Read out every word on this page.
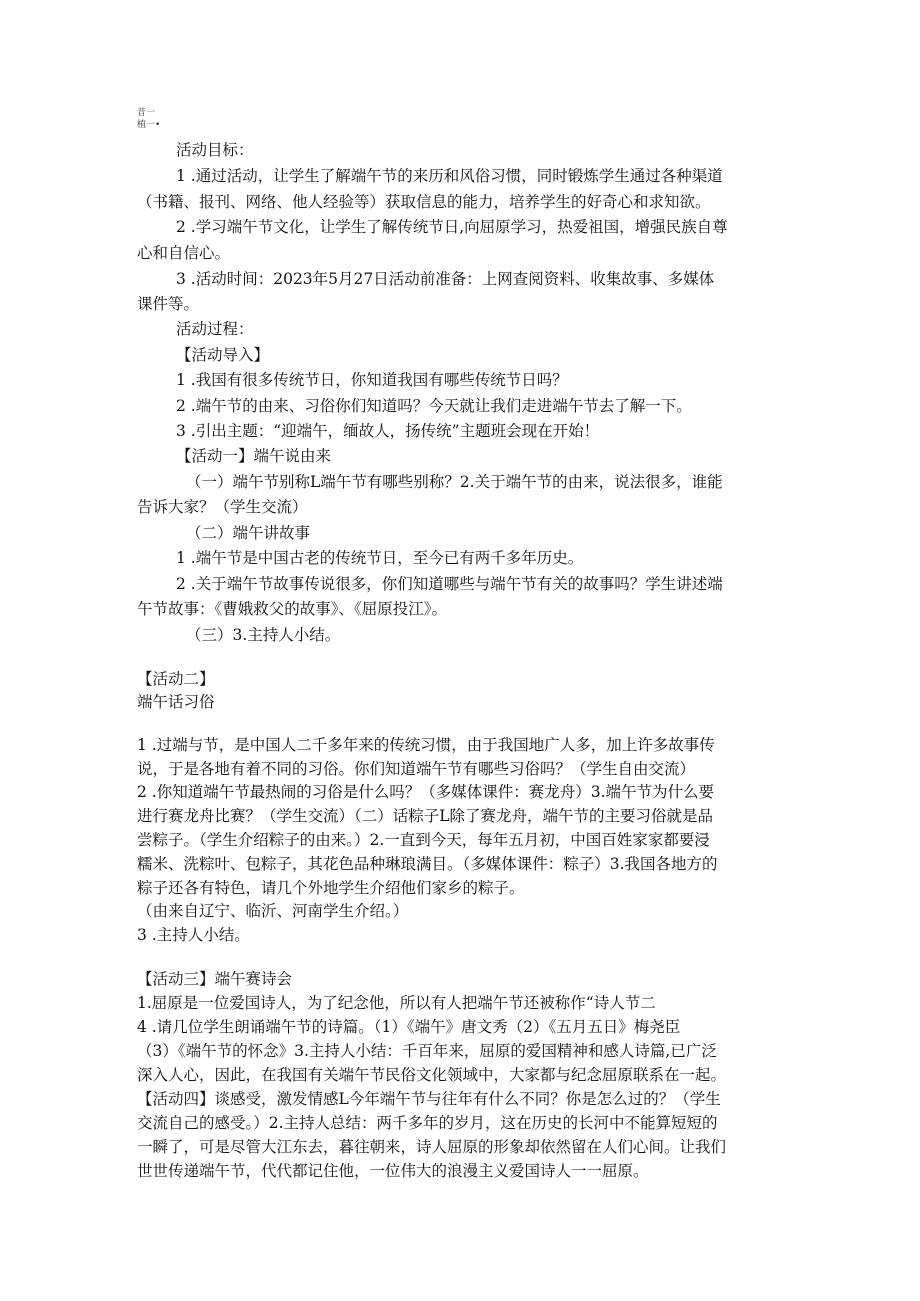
昔一
植一•
活动目标：
1 .通过活动，让学生了解端午节的来历和风俗习惯，同时锻炼学生通过各种渠道
（书籍、报刊、网络、他人经验等）获取信息的能力，培养学生的好奇心和求知欲。
2 .学习端午节文化，让学生了解传统节日,向屈原学习，热爱祖国，增强民族自尊
心和自信心。
3 .活动时间：2023年5月27日活动前准备：上网查阅资料、收集故事、多媒体
课件等。
活动过程：
【活动导入】
1 .我国有很多传统节日，你知道我国有哪些传统节日吗？
2 .端午节的由来、习俗你们知道吗？今天就让我们走进端午节去了解一下。
3 .引出主题：“迎端午，缅故人，扬传统”主题班会现在开始！
【活动一】端午说由来
（一）端午节别称L端午节有哪些别称？2.关于端午节的由来，说法很多，谁能
告诉大家？（学生交流）
（二）端午讲故事
1 .端午节是中国古老的传统节日，至今已有两千多年历史。
2 .关于端午节故事传说很多，你们知道哪些与端午节有关的故事吗？学生讲述端
午节故事：《曹娥救父的故事》、《屈原投江》。
（三）3.主持人小结。
【活动二】
端午话习俗
1 .过端与节，是中国人二千多年来的传统习惯，由于我国地广人多，加上许多故事传
说，于是各地有着不同的习俗。你们知道端午节有哪些习俗吗？（学生自由交流）
2 .你知道端午节最热闹的习俗是什么吗？（多媒体课件：赛龙舟）3.端午节为什么要
进行赛龙舟比赛？（学生交流）（二）话粽子L除了赛龙舟，端午节的主要习俗就是品
尝粽子。（学生介绍粽子的由来。）2.一直到今天，每年五月初，中国百姓家家都要浸
糯米、洗粽叶、包粽子，其花色品种琳琅满目。（多媒体课件：粽子）3.我国各地方的
粽子还各有特色，请几个外地学生介绍他们家乡的粽子。
（由来自辽宁、临沂、河南学生介绍。）
3 .主持人小结。
【活动三】端午赛诗会
1.屈原是一位爱国诗人，为了纪念他，所以有人把端午节还被称作“诗人节二
4 .请几位学生朗诵端午节的诗篇。（1）《端午》唐文秀（2）《五月五日》梅尧臣
（3）《端午节的怀念》3.主持人小结：千百年来，屈原的爱国精神和感人诗篇,已广泛
深入人心，因此，在我国有关端午节民俗文化领域中，大家都与纪念屈原联系在一起。
【活动四】谈感受，激发情感L今年端午节与往年有什么不同？你是怎么过的？（学生
交流自己的感受。）2.主持人总结：两千多年的岁月，这在历史的长河中不能算短短的
一瞬了，可是尽管大江东去，暮往朝来，诗人屈原的形象却依然留在人们心间。让我们
世世传递端午节，代代都记住他，一位伟大的浪漫主义爱国诗人一一屈原。
